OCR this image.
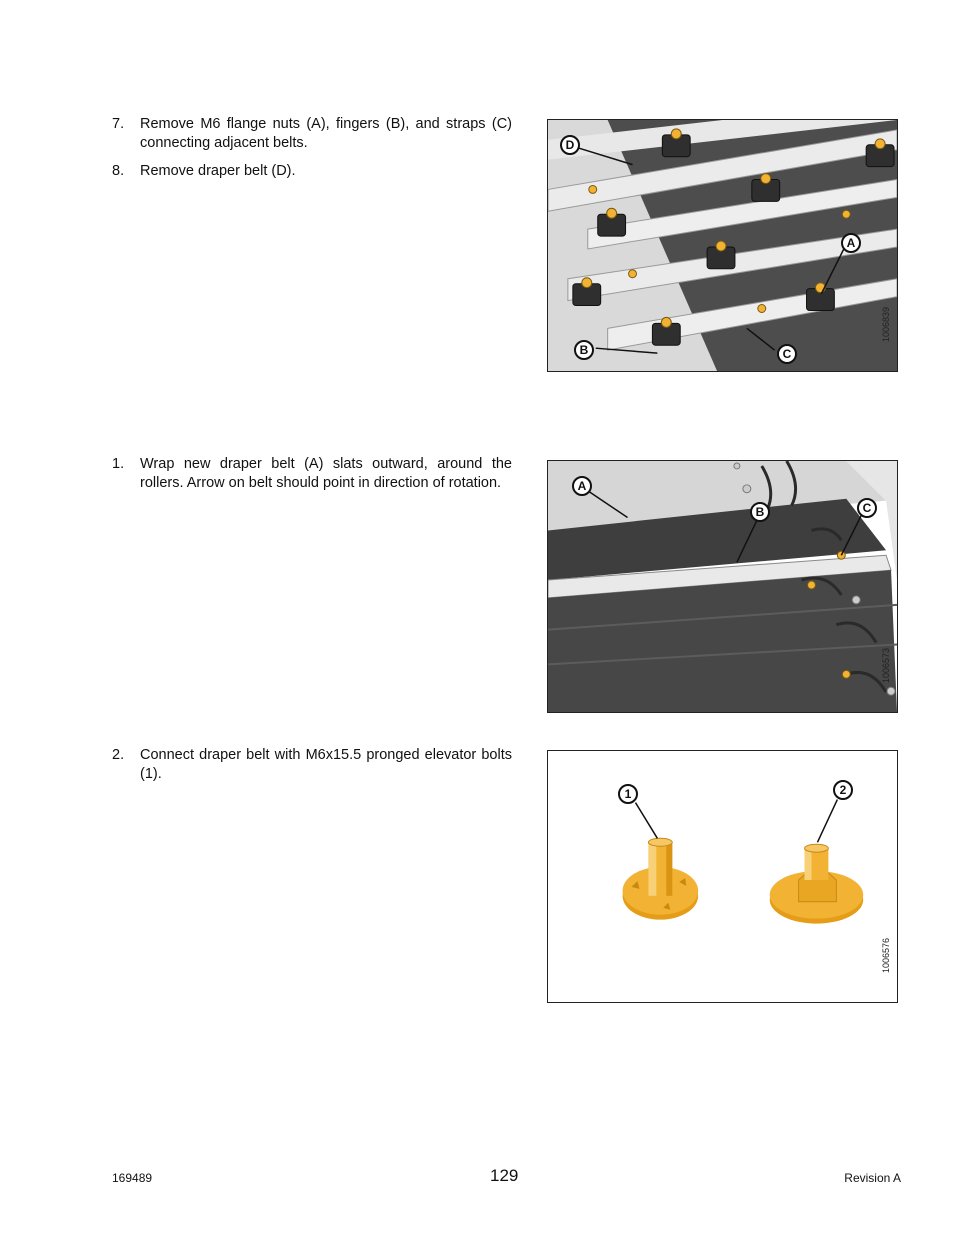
7. Remove M6 flange nuts (A), fingers (B), and straps (C) connecting adjacent belts.
8. Remove draper belt (D).
D
A
B	C
1006839
1. Wrap new draper belt (A) slats outward, around the rollers. Arrow on belt should point in direction of rotation.	A
B	C
1006573
2. Connect draper belt with M6x15.5 pronged elevator bolts (1).
1	2
1006576
169489	129	Revision A
